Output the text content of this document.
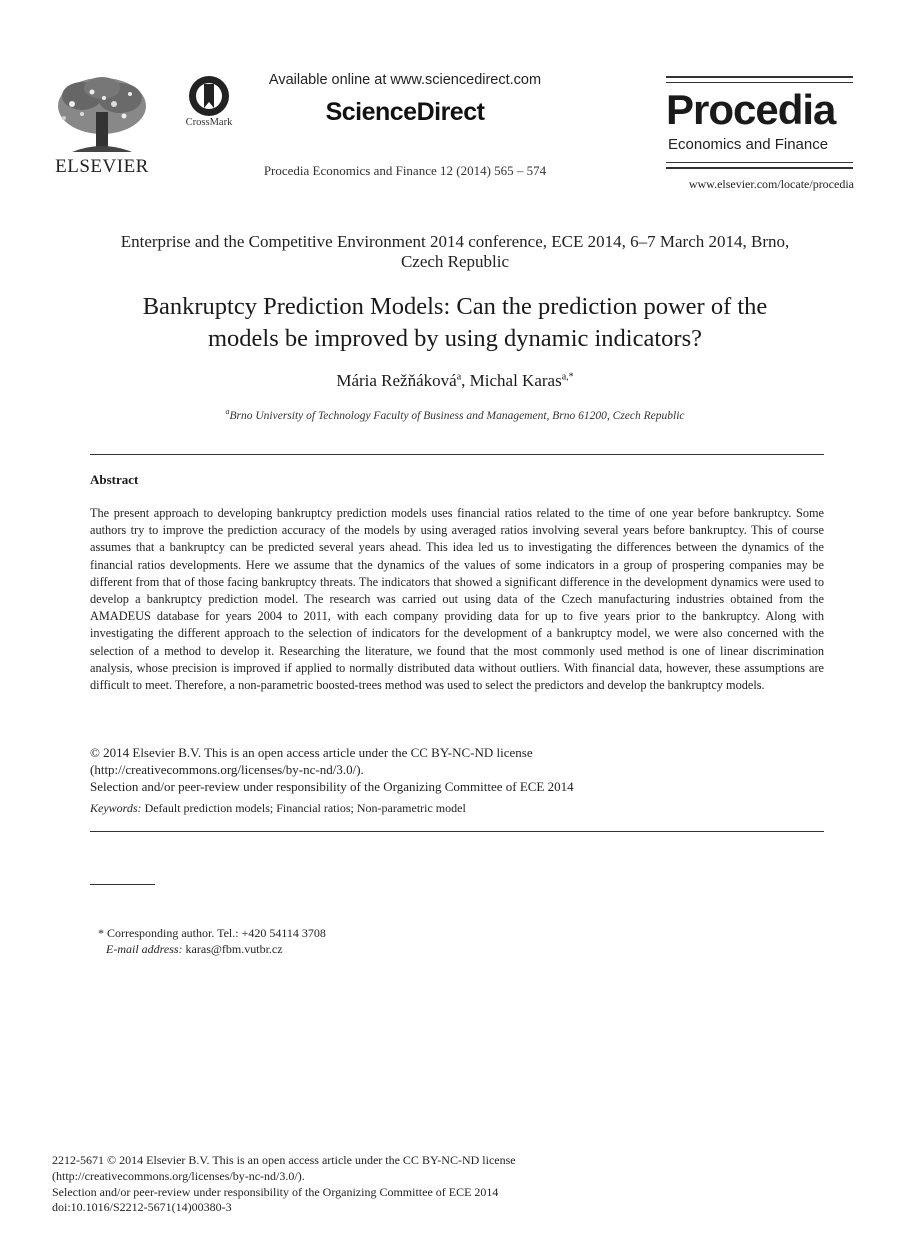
ELSEVIER
CrossMark
Available online at www.sciencedirect.com
ScienceDirect
Procedia Economics and Finance 12 (2014) 565 – 574
Procedia
Economics and Finance
www.elsevier.com/locate/procedia
Enterprise and the Competitive Environment 2014 conference, ECE 2014, 6–7 March 2014, Brno,
Czech Republic
Bankruptcy Prediction Models: Can the prediction power of the
models be improved by using dynamic indicators?
Mária Režňáková$^a$, Michal Karas$^{a,*}$
$^a$Brno University of Technology Faculty of Business and Management, Brno 61200, Czech Republic
Abstract
The present approach to developing bankruptcy prediction models uses financial ratios related to the time of one year before bankruptcy. Some authors try to improve the prediction accuracy of the models by using averaged ratios involving several years before bankruptcy. This of course assumes that a bankruptcy can be predicted several years ahead. This idea led us to investigating the differences between the dynamics of the financial ratios developments. Here we assume that the dynamics of the values of some indicators in a group of prospering companies may be different from that of those facing bankruptcy threats. The indicators that showed a significant difference in the development dynamics were used to develop a bankruptcy prediction model. The research was carried out using data of the Czech manufacturing industries obtained from the AMADEUS database for years 2004 to 2011, with each company providing data for up to five years prior to the bankruptcy. Along with investigating the different approach to the selection of indicators for the development of a bankruptcy model, we were also concerned with the selection of a method to develop it. Researching the literature, we found that the most commonly used method is one of linear discrimination analysis, whose precision is improved if applied to normally distributed data without outliers. With financial data, however, these assumptions are difficult to meet. Therefore, a non-parametric boosted-trees method was used to select the predictors and develop the bankruptcy models.
© 2014 Elsevier B.V. This is an open access article under the CC BY-NC-ND license
(http://creativecommons.org/licenses/by-nc-nd/3.0/).
Selection and/or peer-review under responsibility of the Organizing Committee of ECE 2014
Keywords: Default prediction models; Financial ratios; Non-parametric model
* Corresponding author. Tel.: +420 54114 3708
E-mail address: karas@fbm.vutbr.cz
2212-5671 © 2014 Elsevier B.V. This is an open access article under the CC BY-NC-ND license
(http://creativecommons.org/licenses/by-nc-nd/3.0/).
Selection and/or peer-review under responsibility of the Organizing Committee of ECE 2014
doi:10.1016/S2212-5671(14)00380-3
